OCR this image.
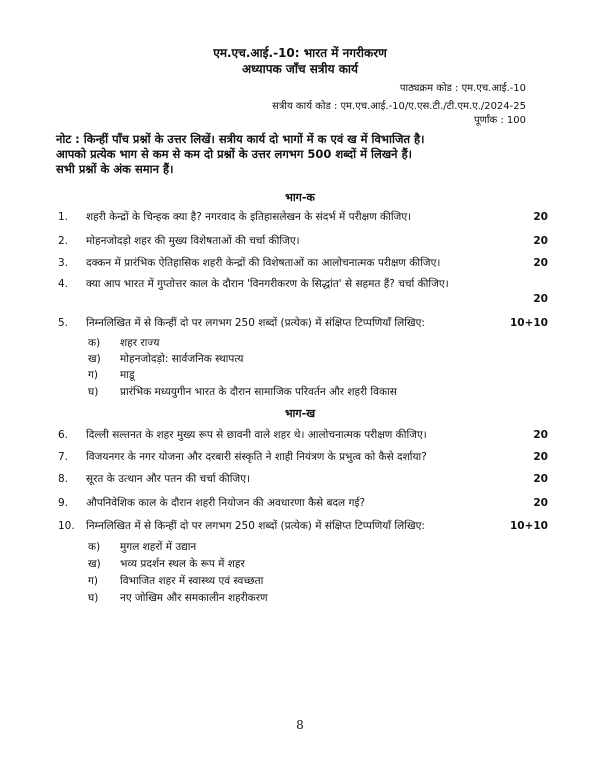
एम.एच.आई.-10: भारत में नगरीकरण
अध्यापक जाँच सत्रीय कार्य
पाठ्यक्रम कोड : एम.एच.आई.-10
सत्रीय कार्य कोड : एम.एच.आई.-10/ए.एस.टी./टी.एम.ए./2024-25
पूर्णांक : 100
नोट : किन्हीं पाँच प्रश्नों के उत्तर लिखें। सत्रीय कार्य दो भागों में क एवं ख में विभाजित है।
आपको प्रत्येक भाग से कम से कम दो प्रश्नों के उत्तर लगभग 500 शब्दों में लिखने हैं।
सभी प्रश्नों के अंक समान हैं।
भाग-क
1. शहरी केन्द्रों के चिन्हक क्या है? नगरवाद के इतिहासलेखन के संदर्भ में परीक्षण कीजिए।	20
2. मोहनजोदड़ो शहर की मुख्य विशेषताओं की चर्चा कीजिए।	20
3. दक्कन में प्रारंभिक ऐतिहासिक शहरी केन्द्रों की विशेषताओं का आलोचनात्मक परीक्षण कीजिए।	20
4. क्या आप भारत में गुप्तोत्तर काल के दौरान 'विनगरीकरण के सिद्धांत' से सहमत हैं? चर्चा कीजिए।
20
5. निम्नलिखित में से किन्हीं दो पर लगभग 250 शब्दों (प्रत्येक) में संक्षिप्त टिप्पणियाँ लिखिए:	10+10
क) शहर राज्य
ख) मोहनजोदड़ो: सार्वजनिक स्थापत्य
ग) माडू
घ) प्रारंभिक मध्ययुगीन भारत के दौरान सामाजिक परिवर्तन और शहरी विकास
भाग-ख
6. दिल्ली सल्तनत के शहर मुख्य रूप से छावनी वाले शहर थे। आलोचनात्मक परीक्षण कीजिए।	20
7. विजयनगर के नगर योजना और दरबारी संस्कृति ने शाही नियंत्रण के प्रभुत्व को कैसे दर्शाया?	20
8. सूरत के उत्थान और पतन की चर्चा कीजिए।	20
9. औपनिवेशिक काल के दौरान शहरी नियोजन की अवधारणा कैसे बदल गई?	20
10. निम्नलिखित में से किन्हीं दो पर लगभग 250 शब्दों (प्रत्येक) में संक्षिप्त टिप्पणियाँ लिखिए:	10+10
क) मुगल शहरों में उद्यान
ख) भव्य प्रदर्शन स्थल के रूप में शहर
ग) विभाजित शहर में स्वास्थ्य एवं स्वच्छता
घ) नए जोखिम और समकालीन शहरीकरण
8
